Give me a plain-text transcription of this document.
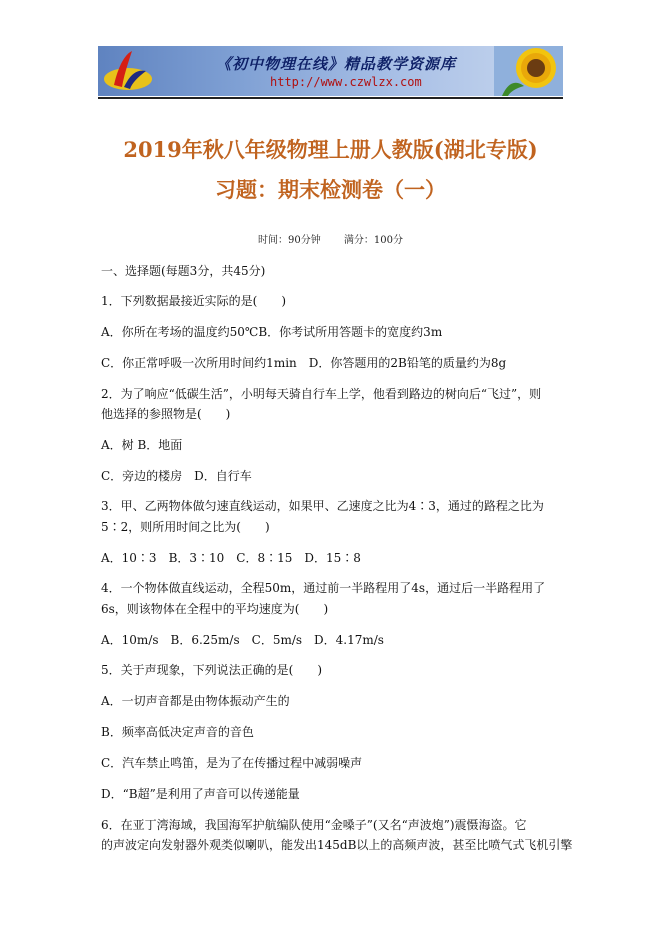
《初中物理在线》精品教学资源库
http://www.czwlzx.com
2019年秋八年级物理上册人教版(湖北专版)
习题：期末检测卷（一）
时间：90分钟 满分：100分
一、选择题(每题3分，共45分)
1．下列数据最接近实际的是(　　)
A．你所在考场的温度约50℃B．你考试所用答题卡的宽度约3m
C．你正常呼吸一次所用时间约1min　D．你答题用的2B铅笔的质量约为8g
2．为了响应“低碳生活”，小明每天骑自行车上学，他看到路边的树向后“飞过”，则
他选择的参照物是(　　)
A．树 B．地面
C．旁边的楼房　D．自行车
3．甲、乙两物体做匀速直线运动，如果甲、乙速度之比为4∶3，通过的路程之比为
5∶2，则所用时间之比为(　　)
A．10∶3　B．3∶10　C．8∶15　D．15∶8
4．一个物体做直线运动，全程50m，通过前一半路程用了4s，通过后一半路程用了
6s，则该物体在全程中的平均速度为(　　)
A．10m/s　B．6.25m/s　C．5m/s　D．4.17m/s
5．关于声现象，下列说法正确的是(　　)
A．一切声音都是由物体振动产生的
B．频率高低决定声音的音色
C．汽车禁止鸣笛，是为了在传播过程中减弱噪声
D．“B超”是利用了声音可以传递能量
6．在亚丁湾海域，我国海军护航编队使用“金嗓子”(又名“声波炮”)震慑海盗。它
的声波定向发射器外观类似喇叭，能发出145dB以上的高频声波，甚至比喷气式飞机引擎
